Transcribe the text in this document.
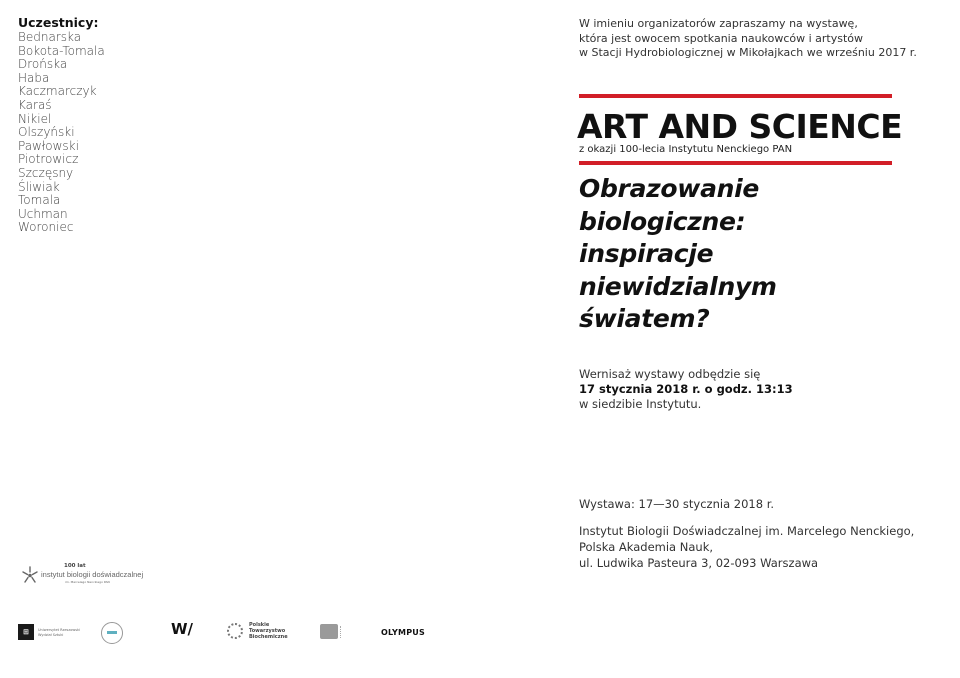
Uczestnicy:
Bednarska
Bokota-Tomala
Drońska
Haba
Kaczmarczyk
Karaś
Nikiel
Olszyński
Pawłowski
Piotrowicz
Szczęsny
Śliwiak
Tomala
Uchman
Woroniec
W imieniu organizatorów zapraszamy na wystawę,
która jest owocem spotkania naukowców i artystów
w Stacji Hydrobiologicznej w Mikołajkach we wrześniu 2017 r.
ART AND SCIENCE
z okazji 100-lecia Instytutu Nenckiego PAN
Obrazowanie
biologiczne:
inspiracje
niewidzialnym
światem?
Wernisaż wystawy odbędzie się
17 stycznia 2018 r. o godz. 13:13
w siedzibie Instytutu.
Wystawa: 17—30 stycznia 2018 r.
Instytut Biologii Doświadczalnej im. Marcelego Nenckiego,
Polska Akademia Nauk,
ul. Ludwika Pasteura 3, 02-093 Warszawa
100 lat
instytut biologii doświadczalnej
im. Marcelego Nenckiego PAN
⊞	Uniwersytet Rzeszowski
Wydział Sztuki	W/	Polskie
Towarzystwo
Biochemiczne	OLYMPUS
